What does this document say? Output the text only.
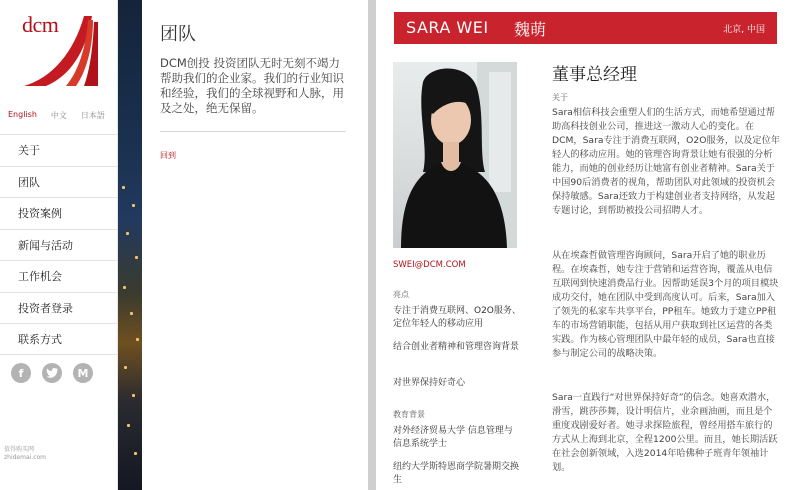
dcm
English 中文 日本語
关于
团队
投资案例
新闻与活动
工作机会
投资者登录
联系方式
f	M
值得购买网
zhidemai.com
团队
DCM创投 投资团队无时无刻不竭力帮助我们的企业家。我们的行业知识和经验，我们的全球视野和人脉，用及之处，绝无保留。
回到
SARA WEI 魏萌	北京, 中国
SWEI@DCM.COM
亮点
专注于消费互联网、O2O服务、定位年轻人的移动应用
结合创业者精神和管理咨询背景
对世界保持好奇心
教育背景
对外经济贸易大学 信息管理与信息系统学士
纽约大学斯特恩商学院暑期交换生
董事总经理
关于
Sara相信科技会重塑人们的生活方式，而她希望通过帮助高科技创业公司，推进这一激动人心的变化。在DCM，Sara专注于消费互联网，O2O服务，以及定位年轻人的移动应用。她的管理咨询背景让她有很强的分析能力，而她的创业经历让她富有创业者精神。Sara关于中国90后消费者的视角，帮助团队对此领域的投资机会保持敏感。Sara还致力于构建创业者支持网络，从发起专题讨论，到帮助被投公司招聘人才。
从在埃森哲做管理咨询顾问，Sara开启了她的职业历程。在埃森哲，她专注于营销和运营咨询，覆盖从电信互联网到快速消费品行业。因帮助延误3个月的项目模块成功交付，她在团队中受到高度认可。后来，Sara加入了领先的私家车共享平台，PP租车。她致力于建立PP租车的市场营销职能，包括从用户获取到社区运营的各类实践。作为核心管理团队中最年轻的成员，Sara也直接参与制定公司的战略决策。
Sara一直践行“对世界保持好奇”的信念。她喜欢潜水，滑雪，跳莎莎舞，设计明信片，业余画油画，而且是个重度戏剧爱好者。她寻求探险旅程，曾经用搭车旅行的方式从上海到北京，全程1200公里。而且，她长期活跃在社会创新领域，入选2014年哈佛种子班青年领袖计划。
